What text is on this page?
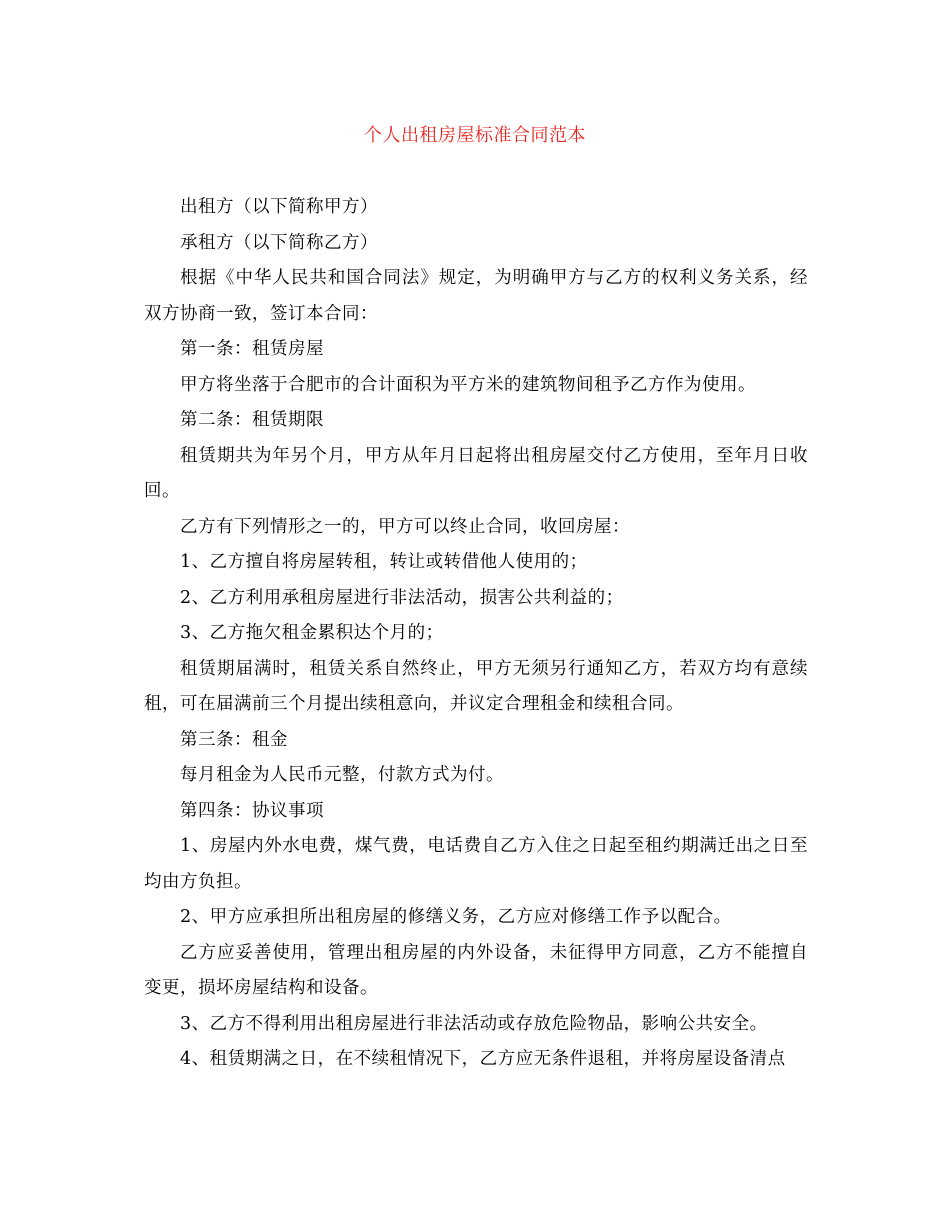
个人出租房屋标准合同范本

出租方（以下简称甲方）

承租方（以下简称乙方）

根据《中华人民共和国合同法》规定，为明确甲方与乙方的权利义务关系，经双方协商一致，签订本合同：

第一条：租赁房屋

甲方将坐落于合肥市的合计面积为平方米的建筑物间租予乙方作为使用。

第二条：租赁期限

租赁期共为年另个月，甲方从年月日起将出租房屋交付乙方使用，至年月日收回。

乙方有下列情形之一的，甲方可以终止合同，收回房屋：

1、乙方擅自将房屋转租，转让或转借他人使用的；

2、乙方利用承租房屋进行非法活动，损害公共利益的；

3、乙方拖欠租金累积达个月的；

租赁期届满时，租赁关系自然终止，甲方无须另行通知乙方，若双方均有意续租，可在届满前三个月提出续租意向，并议定合理租金和续租合同。

第三条：租金

每月租金为人民币元整，付款方式为付。

第四条：协议事项

1、房屋内外水电费，煤气费，电话费自乙方入住之日起至租约期满迁出之日至均由方负担。

2、甲方应承担所出租房屋的修缮义务，乙方应对修缮工作予以配合。

乙方应妥善使用，管理出租房屋的内外设备，未征得甲方同意，乙方不能擅自变更，损坏房屋结构和设备。

3、乙方不得利用出租房屋进行非法活动或存放危险物品，影响公共安全。

4、租赁期满之日，在不续租情况下，乙方应无条件退租，并将房屋设备清点
